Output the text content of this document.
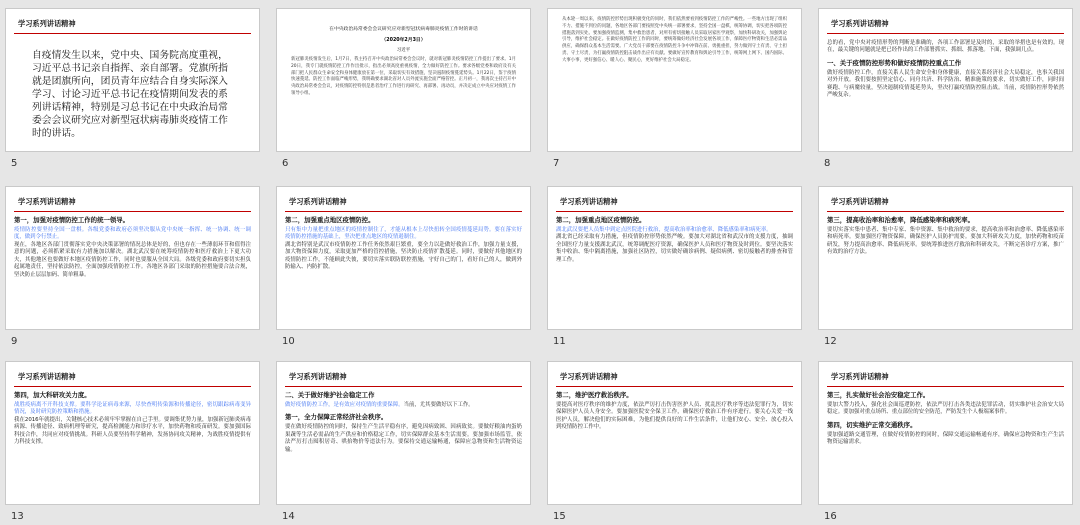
学习系列讲话精神
自疫情发生以来，党中央、国务院高度重视，习近平总书记亲自指挥、亲自部署。党旗所指就是团旗所向，团员青年应结合自身实际深入学习、讨论习近平总书记在疫情期间发表的系列讲话精神，特别是习总书记在中央政治局常委会会议研究应对新型冠状病毒肺炎疫情工作时的讲话。
5
在中央政治局常委会会议研究应对新型冠状病毒肺炎疫情工作时的讲话
（2020年2月3日）
习近平
新冠肺炎疫情发生后，1月7日，我主持召开中央政治局常委会会议时，就对新冠肺炎疫情防控工作提出了要求。1月20日，我专门就疫情防控工作作出批示，指出必须高度重视疫情，全力做好防控工作。要求各级党委和政府及有关部门把人民群众生命安全和身体健康放在第一位，采取切实有效措施，坚决遏制疫情蔓延势头。1月22日，鉴于疫情快速蔓延、防控工作面临严峻形势，我明确要求湖北省对人员外流实施全面严格管控。正月初一，我再次主持召开中央政治局常委会会议，对疫情防控特别是患者治疗工作进行再研究、再部署、再动员，并决定成立中央应对疫情工作领导小组。
6
从本轮一周以来，疫情防控形势出现积极变化的同时，我们依然要看到疫情防控工作的严峻性。一些地方出现了组织不力、措施不到位的问题，各地区各部门要按照党中央统一部署要求，坚持全国一盘棋，统筹协调，切实把各项防控措施落到实处。要加强疫情监测，集中救治患者，对所有密切接触人员采取居家医学观察，加快科研攻关，加强舆论引导，维护社会稳定。在做好疫情防控工作的同时，要统筹做好经济社会发展各项工作，保障医疗物资和生活必需品供应，确保群众基本生活需要。广大党员干部要在疫情防控斗争中冲锋在前、勇挑重担，努力做到守土有责、守土担责、守土尽责，为打赢疫情防控阻击战作出应有贡献。要做好宣传教育和舆论引导工作，统筹网上网下、国内国际、大事小事，更好强信心、暖人心、聚民心，更好维护社会大局稳定。
7
学习系列讲话精神
总的看，党中央对疫情形势的判断是准确的，各项工作部署是及时的，采取的举措也是有效的。现在，最关键的问题就是把已经作出的工作部署抓实、抓细、抓落地。下面，我强调几点。
一、关于疫情防控形势和做好疫情防控重点工作
做好疫情防控工作，直接关系人民生命安全和身体健康，直接关系经济社会大局稳定，也事关我国对外开放。我们要按照坚定信心、同舟共济、科学防治、精准施策的要求，切实做好工作，同时间赛跑、与病魔较量，坚决遏制疫情蔓延势头，坚决打赢疫情防控阻击战。当前，疫情防控形势依然严峻复杂。
8
学习系列讲话精神
第一，加强对疫情防控工作的统一领导。
疫情防控要坚持全国一盘棋。各级党委和政府必须坚决服从党中央统一指挥、统一协调、统一调度，做到令行禁止。
现在，各地区各部门贯彻落实党中央决策部署的情况总体是好的，但也存在一些薄弱环节和值得注意的问题，必须抓紧采取有力措施加以解决。湖北武汉要在统筹疫情防控和医疗救治上下更大功夫，其他地区也要做好本地区疫情防控工作，同时也要服从全国大局。各级党委和政府要切实担负起属地责任，坚持依法防控，全面加强疫情防控工作。各地区各部门采取的防控措施要合法合规，坚决防止层层加码、简单粗暴。
9
学习系列讲话精神
第二，加强重点地区疫情防控。
只有集中力量把重点地区的疫情控制住了，才能从根本上尽快扭转全国疫情蔓延局势。要在落实好疫情防控措施的基础上，坚决把重点地区的疫情遏制住。
湖北省特别是武汉市疫情防控工作任务依然艰巨繁重，要全力以赴做好救治工作，加强力量支援，加大物资保障力度，采取更加严格的管控措施，坚决防止疫情扩散蔓延。同时，要做好其他地区的疫情防控工作，不能顾此失彼，要切实落实联防联控措施，守好自己的门，看好自己的人，做到外防输入、内防扩散。
10
学习系列讲话精神
第二，加强重点地区疫情防控。
湖北武汉要把人员集中到定点医院进行救治，提高收治率和治愈率、降低感染率和病死率。
湖北省已经采取有力措施，但疫情防控形势依然严峻。要加大对湖北省和武汉市的支援力度，抽调全国医疗力量支援湖北武汉，统筹调配医疗资源，确保医护人员和医疗物资及时到位。要坚决落实集中收治、集中隔离措施，加强社区防控，切实做好确诊病例、疑似病例、密切接触者的排查和管理工作。
11
学习系列讲话精神
第三，提高收治率和治愈率，降低感染率和病死率。
要切实落实集中患者、集中专家、集中资源、集中救治的要求，提高收治率和治愈率、降低感染率和病死率。要加强医疗物资保障，确保医护人员防护需要。要加大科研攻关力度，加快药物和疫苗研发，努力提高治愈率、降低病死率。要统筹推进医疗救治和科研攻关，不断完善诊疗方案，推广有效的治疗方法。
12
学习系列讲话精神
第四，加大科研攻关力度。
战胜疫病离不开科技支撑。要科学论证病毒来源，尽快查明传染源和传播途径，密切跟踪病毒变异情况，及时研究防控策略和措施。
我在2016年就提出，关键核心技术必须牢牢掌握在自己手里。要调集优势力量，加强新冠肺炎病毒病源、传播途径、致病机理等研究，提高检测能力和诊疗水平，加快药物和疫苗研发。要加强国际科技合作，共同应对疫情挑战。科研人员要坚持科学精神，发扬协同攻关精神，为战胜疫情提供有力科技支撑。
13
学习系列讲话精神
二、关于做好维护社会稳定工作
做好疫情防控工作，是有效应对疫情的重要保障。当前，尤其要做好以下工作。
第一，全力保障正常经济社会秩序。
要在做好疫情防控的同时，保持生产生活平稳有序，避免因病致困、因病致贫。要做好粮油肉蛋奶果蔬等生活必需品的生产供应和价格稳定工作，切实保障群众基本生活需要。要加强市场监管，依法严厉打击囤积居奇、哄抬物价等违法行为。要保持交通运输畅通，保障应急物资和生活物资运输。
14
学习系列讲话精神
第二，维护医疗救治秩序。
要提高对医疗秩序的维护力度，依法严厉打击伤害医护人员、扰乱医疗秩序等违法犯罪行为，切实保障医护人员人身安全。要加强医院安全保卫工作，确保医疗救治工作有序进行。要关心关爱一线医护人员，解决他们的实际困难，为他们提供良好的工作生活条件，让他们安心、安全、放心投入到疫情防控工作中。
15
学习系列讲话精神
第三，扎实做好社会治安稳定工作。
要加大警力投入，强化社会面巡逻防控，依法严厉打击各类违法犯罪活动，切实维护社会治安大局稳定。要加强对重点场所、重点部位的安全防范，严防发生个人极端案事件。
第四，切实维护正常交通秩序。
要加强道路交通管理，在做好疫情防控的同时，保障交通运输畅通有序，确保应急物资和生产生活物资运输需求。
16
